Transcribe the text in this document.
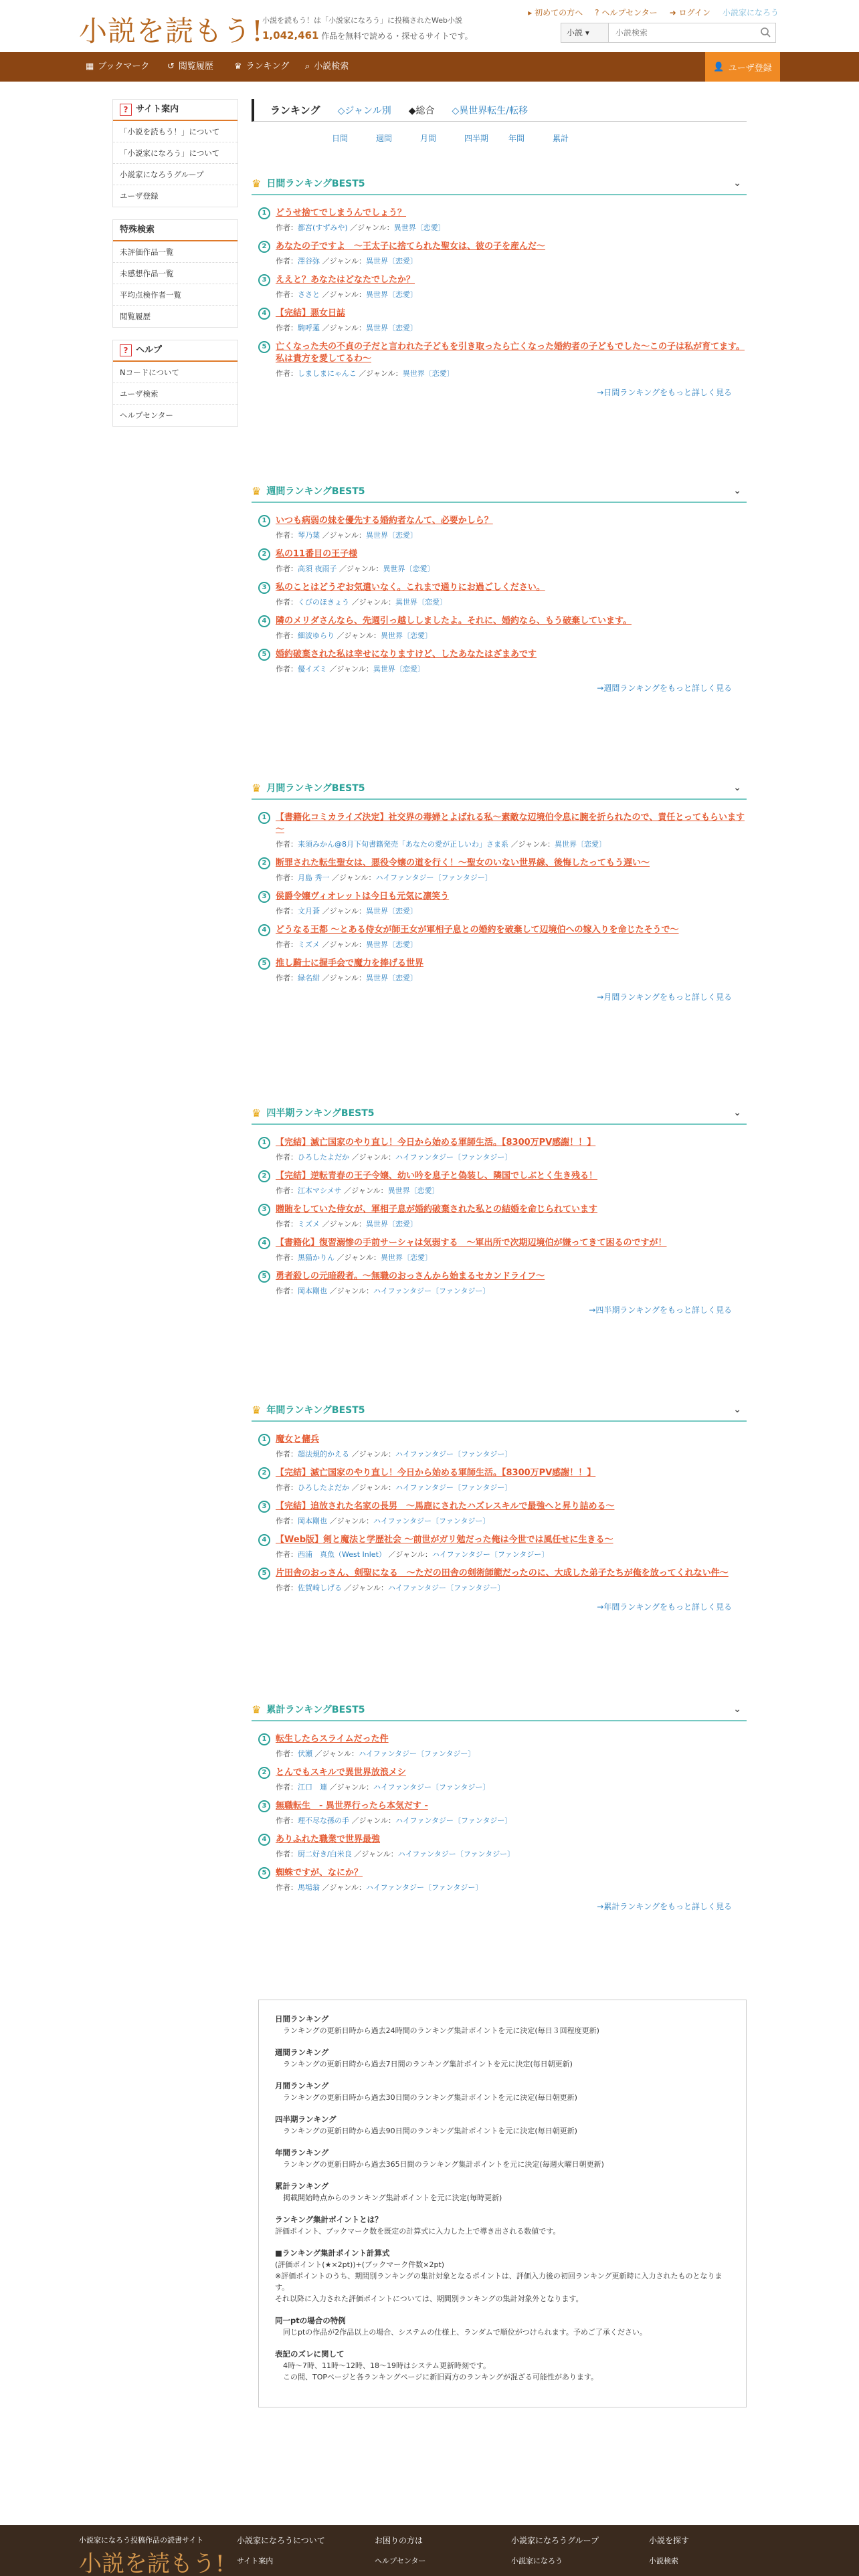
小説を読もう!
小説を読もう！は「小説家になろう」に投稿されたWeb小説
1,042,461 作品を無料で読める・探せるサイトです。
▸ 初めての方へ ? ヘルプセンター ➜ ログイン 小説家になろう
小説 ▾
小説検索
▦ ブックマーク ↺ 閲覧履歴 ♛ ランキング ⌕ 小説検索	👤 ユーザ登録
? サイト案内
「小説を読もう！」について
「小説家になろう」について
小説家になろうグループ
ユーザ登録
特殊検索
未評価作品一覧
未感想作品一覧
平均点検作者一覧
閲覧履歴
? ヘルプ
Nコードについて
ユーザ検索
ヘルプセンター
ランキング ◇ジャンル別 ◆総合 ◇異世界転生/転移
日間	週間	月間	四半期	年間	累計
♛ 日間ランキングBEST5	⌄
1	どうせ捨てでしまうんでしょう？
作者：都宮(すずみや) ／ジャンル：異世界〔恋愛〕
2	あなたの子ですよ　～王太子に捨てられた聖女は、彼の子を産んだ～
作者：澤谷弥 ／ジャンル：異世界〔恋愛〕
3	ええと？あなたはどなたでしたか？
作者：ささと ／ジャンル：異世界〔恋愛〕
4	【完結】悪女日誌
作者：駒呼蓮 ／ジャンル：異世界〔恋愛〕
5	亡くなった夫の不貞の子だと言われた子どもを引き取ったら亡くなった婚約者の子どもでした～この子は私が育てます。私は貴方を愛してるわ～
作者：しましまにゃんこ ／ジャンル：異世界〔恋愛〕
→日間ランキングをもっと詳しく見る
♛ 週間ランキングBEST5	⌄
1	いつも病弱の妹を優先する婚約者なんて、必要かしら？
作者：琴乃葉 ／ジャンル：異世界〔恋愛〕
2	私の11番目の王子様
作者：高須 夜雨子 ／ジャンル：異世界〔恋愛〕
3	私のことはどうぞお気遣いなく。これまで通りにお過ごしください。
作者：くびのほきょう ／ジャンル：異世界〔恋愛〕
4	隣のメリダさんなら、先週引っ越ししましたよ。それに、婚約なら、もう破棄しています。
作者：細波ゆらり ／ジャンル：異世界〔恋愛〕
5	婚約破棄された私は幸せになりますけど、したあなたはざまあです
作者：優イズミ ／ジャンル：異世界〔恋愛〕
→週間ランキングをもっと詳しく見る
♛ 月間ランキングBEST5	⌄
1	【書籍化コミカライズ決定】社交界の毒婦とよばれる私～素敵な辺境伯令息に腕を折られたので、責任とってもらいます～
作者：来須みかん@8月下旬書籍発売「あなたの愛が正しいわ」さま系 ／ジャンル：異世界〔恋愛〕
2	断罪された転生聖女は、悪役令嬢の道を行く！～聖女のいない世界線、後悔したってもう遅い～
作者：月島 秀一 ／ジャンル：ハイファンタジー〔ファンタジー〕
3	侯爵令嬢ヴィオレットは今日も元気に凛笑う
作者：文月蒼 ／ジャンル：異世界〔恋愛〕
4	どうなる王都 ～とある侍女が師王女が軍相子息との婚約を破棄して辺境伯への嫁入りを命じたそうで～
作者：ミズメ ／ジャンル：異世界〔恋愛〕
5	推し騎士に握手会で魔力を捧げる世界
作者：緑名紺 ／ジャンル：異世界〔恋愛〕
→月間ランキングをもっと詳しく見る
♛ 四半期ランキングBEST5	⌄
1	【完結】滅亡国家のやり直し！今日から始める軍師生活。【8300万PV感謝！！】
作者：ひろしたよだか ／ジャンル：ハイファンタジー〔ファンタジー〕
2	【完結】逆転青春の王子令嬢、幼い吟を息子と偽装し、隣国でしぶとく生き残る！
作者：江本マシメサ ／ジャンル：異世界〔恋愛〕
3	贈賄をしていた侍女が、軍相子息が婚約破棄された私との結婚を命じられています
作者：ミズメ ／ジャンル：異世界〔恋愛〕
4	【書籍化】復習溺惨の手前サーシャは気弱する　～軍出所で次期辺境伯が嫌ってきて困るのですが！
作者：黒猫かりん ／ジャンル：異世界〔恋愛〕
5	勇者殺しの元暗殺者。～無職のおっさんから始まるセカンドライフ～
作者：岡本剛也 ／ジャンル：ハイファンタジー〔ファンタジー〕
→四半期ランキングをもっと詳しく見る
♛ 年間ランキングBEST5	⌄
1	魔女と傭兵
作者：超法規的かえる ／ジャンル：ハイファンタジー〔ファンタジー〕
2	【完結】滅亡国家のやり直し！今日から始める軍師生活。【8300万PV感謝！！】
作者：ひろしたよだか ／ジャンル：ハイファンタジー〔ファンタジー〕
3	【完結】追放された名家の長男　～馬鹿にされたハズレスキルで最強へと昇り詰める～
作者：岡本剛也 ／ジャンル：ハイファンタジー〔ファンタジー〕
4	【Web版】剣と魔法と学歴社会 ～前世がガリ勉だった俺は今世では風任せに生きる～
作者：西浦　真魚（West Inlet） ／ジャンル：ハイファンタジー〔ファンタジー〕
5	片田舎のおっさん、剣聖になる　～ただの田舎の剣術師範だったのに、大成した弟子たちが俺を放ってくれない件～
作者：佐賀崎しげる ／ジャンル：ハイファンタジー〔ファンタジー〕
→年間ランキングをもっと詳しく見る
♛ 累計ランキングBEST5	⌄
1	転生したらスライムだった件
作者：伏瀬 ／ジャンル：ハイファンタジー〔ファンタジー〕
2	とんでもスキルで異世界放浪メシ
作者：江口　連 ／ジャンル：ハイファンタジー〔ファンタジー〕
3	無職転生　- 異世界行ったら本気だす -
作者：理不尽な孫の手 ／ジャンル：ハイファンタジー〔ファンタジー〕
4	ありふれた職業で世界最強
作者：厨二好き/白米良 ／ジャンル：ハイファンタジー〔ファンタジー〕
5	蜘蛛ですが、なにか？
作者：馬場翁 ／ジャンル：ハイファンタジー〔ファンタジー〕
→累計ランキングをもっと詳しく見る
日間ランキング
ランキングの更新日時から過去24時間のランキング集計ポイントを元に決定(毎日３回程度更新)
週間ランキング
ランキングの更新日時から過去7日間のランキング集計ポイントを元に決定(毎日朝更新)
月間ランキング
ランキングの更新日時から過去30日間のランキング集計ポイントを元に決定(毎日朝更新)
四半期ランキング
ランキングの更新日時から過去90日間のランキング集計ポイントを元に決定(毎日朝更新)
年間ランキング
ランキングの更新日時から過去365日間のランキング集計ポイントを元に決定(毎週火曜日朝更新)
累計ランキング
掲載開始時点からのランキング集計ポイントを元に決定(毎時更新)
ランキング集計ポイントとは？
評価ポイント、ブックマーク数を既定の計算式に入力した上で導き出される数値です。
■ランキング集計ポイント計算式
(評価ポイント(★×2pt))+(ブックマーク件数×2pt)
※評価ポイントのうち、期間別ランキングの集計対象となるポイントは、評価入力後の初回ランキング更新時に入力されたものとなります。
それ以降に入力された評価ポイントについては、期間別ランキングの集計対象外となります。
同一ptの場合の特例
同じptの作品が2作品以上の場合、システムの仕様上、ランダムで順位がつけられます。予めご了承ください。
表記のズレに関して
4時〜7時、11時〜12時、18〜19時はシステム更新時刻です。
この間、TOPページと各ランキングページに新旧両方のランキングが混ざる可能性があります。
小説家になろう投稿作品の読書サイト
小説を読もう!
小説家になろうについて
サイト案内
お困りの方は
ヘルプセンター
小説家になろうグループ
小説家になろう
小説を探す
小説検索
